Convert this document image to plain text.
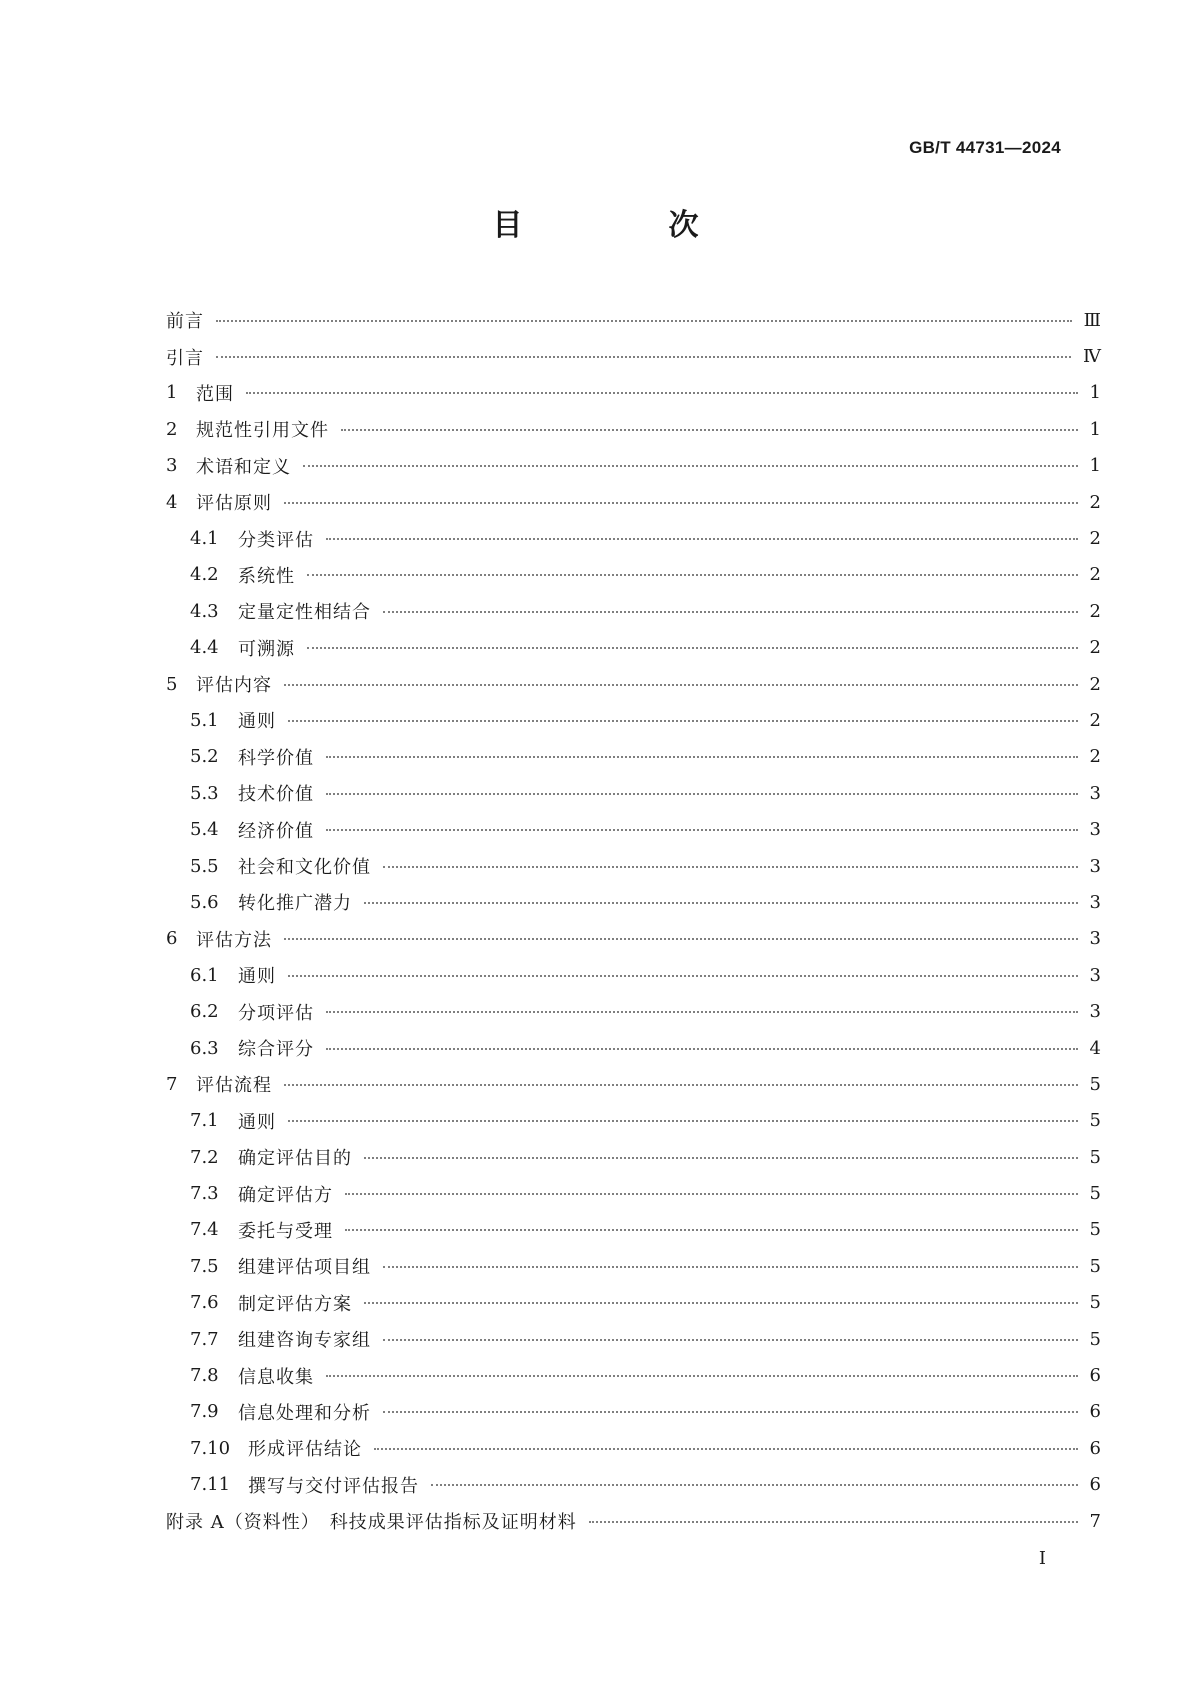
GB/T 44731—2024
目　次
前言	Ⅲ
引言	Ⅳ
1	范围	1
2	规范性引用文件	1
3	术语和定义	1
4	评估原则	2
4.1	分类评估	2
4.2	系统性	2
4.3	定量定性相结合	2
4.4	可溯源	2
5	评估内容	2
5.1	通则	2
5.2	科学价值	2
5.3	技术价值	3
5.4	经济价值	3
5.5	社会和文化价值	3
5.6	转化推广潜力	3
6	评估方法	3
6.1	通则	3
6.2	分项评估	3
6.3	综合评分	4
7	评估流程	5
7.1	通则	5
7.2	确定评估目的	5
7.3	确定评估方	5
7.4	委托与受理	5
7.5	组建评估项目组	5
7.6	制定评估方案	5
7.7	组建咨询专家组	5
7.8	信息收集	6
7.9	信息处理和分析	6
7.10 形成评估结论	6
7.11 撰写与交付评估报告	6
附录 A（资料性）　科技成果评估指标及证明材料	7
I
